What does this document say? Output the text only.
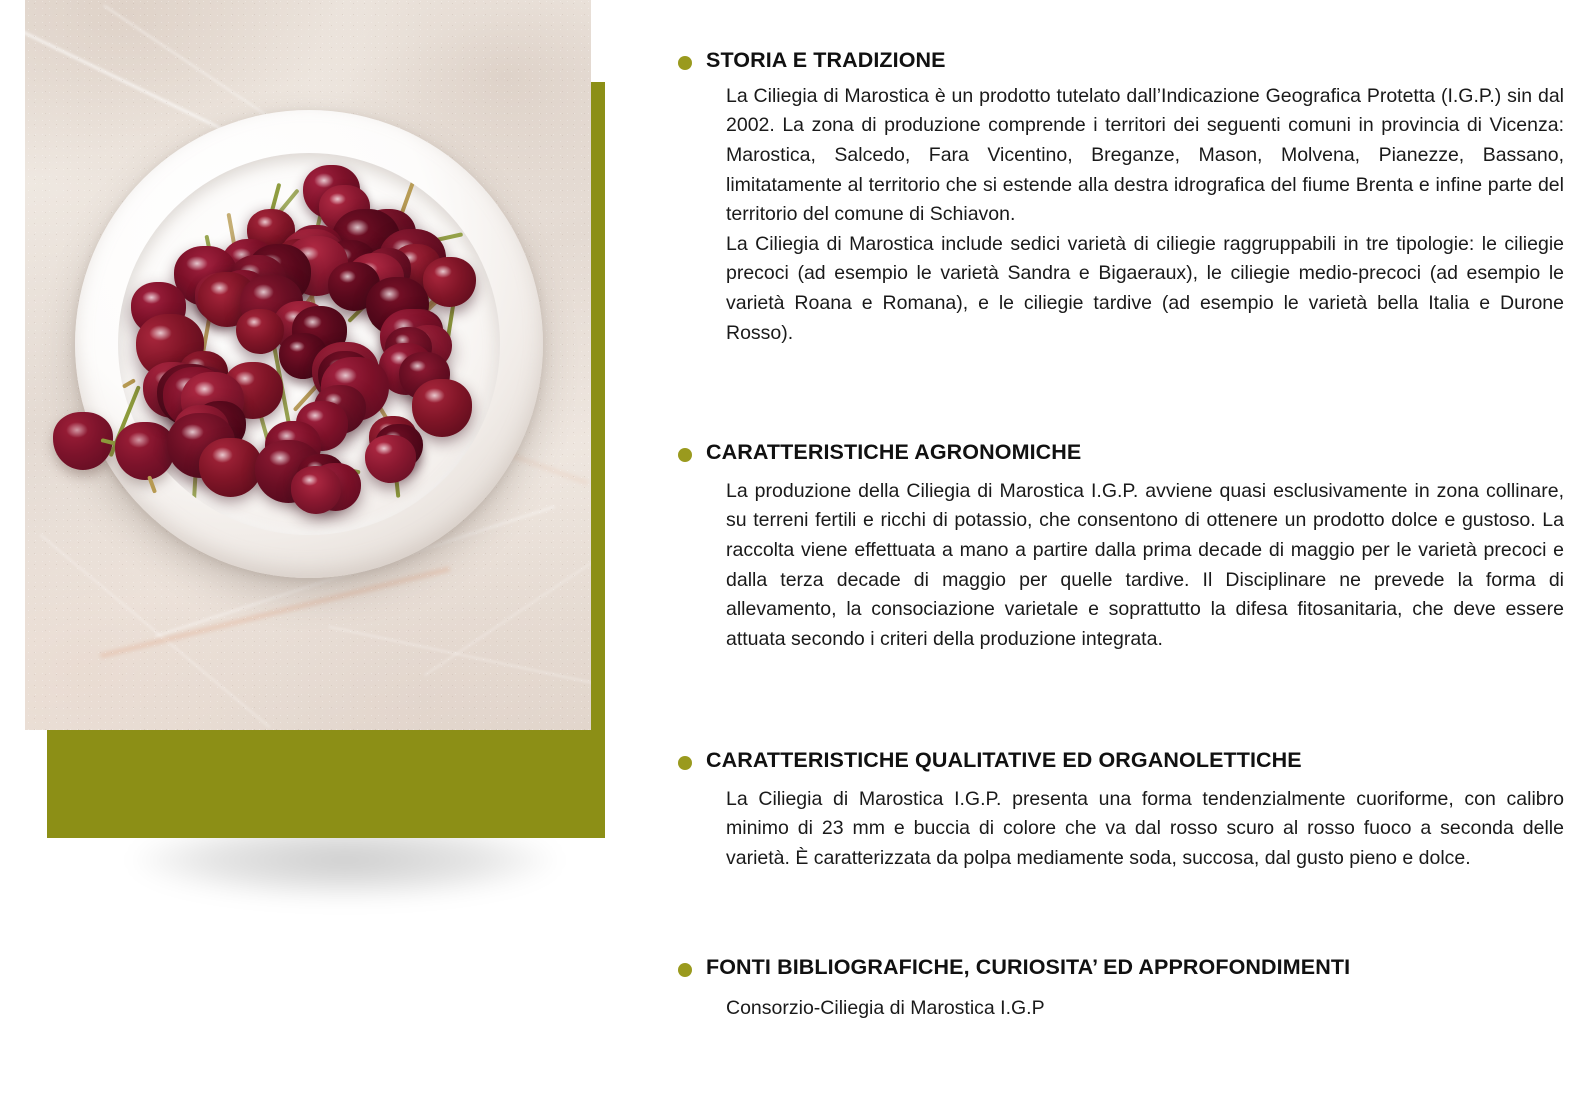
STORIA E TRADIZIONE

La Ciliegia di Marostica è un prodotto tutelato dall’Indicazione Geografica Protetta (I.G.P.) sin dal 2002. La zona di produzione comprende i territori dei seguenti comuni in provincia di Vicenza: Marostica, Salcedo, Fara Vicentino, Breganze, Mason, Molvena, Pianezze, Bassano, limitatamente al territorio che si estende alla destra idrografica del fiume Brenta e infine parte del territorio del comune di Schiavon.

La Ciliegia di Marostica include sedici varietà di ciliegie raggruppabili in tre tipologie: le ciliegie precoci (ad esempio le varietà Sandra e Bigaeraux), le ciliegie medio-precoci (ad esempio le varietà Roana e Romana), e le ciliegie tardive (ad esempio le varietà bella Italia e Durone Rosso).

CARATTERISTICHE AGRONOMICHE

La produzione della Ciliegia di Marostica I.G.P. avviene quasi esclusivamente in zona collinare, su terreni fertili e ricchi di potassio, che consentono di ottenere un prodotto dolce e gustoso. La raccolta viene effettuata a mano a partire dalla prima decade di maggio per le varietà precoci e dalla terza decade di maggio per quelle tardive. Il Disciplinare ne prevede la forma di allevamento, la consociazione varietale e soprattutto la difesa fitosanitaria, che deve essere attuata secondo i criteri della produzione integrata.

CARATTERISTICHE QUALITATIVE ED ORGANOLETTICHE

La Ciliegia di Marostica I.G.P. presenta una forma tendenzialmente cuoriforme, con calibro minimo di 23 mm e buccia di colore che va dal rosso scuro al rosso fuoco a seconda delle varietà. È caratterizzata da polpa mediamente soda, succosa, dal gusto pieno e dolce.

FONTI BIBLIOGRAFICHE, CURIOSITA’ ED APPROFONDIMENTI

Consorzio-Ciliegia di Marostica I.G.P
